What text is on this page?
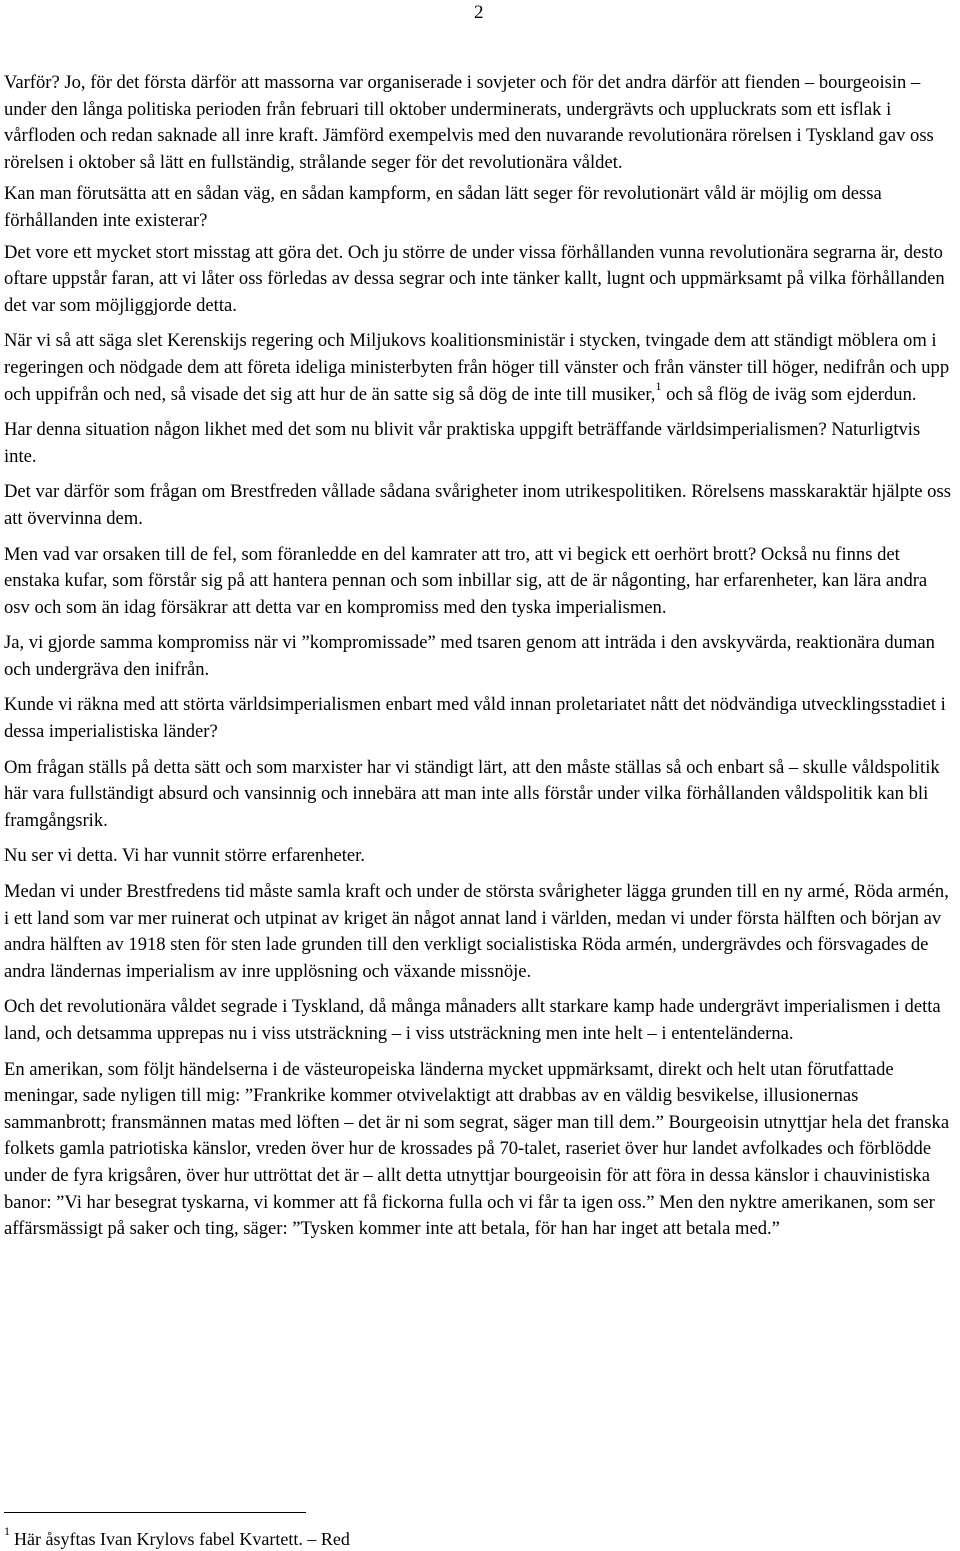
2

Varför? Jo, för det första därför att massorna var organiserade i sovjeter och för det andra därför att fienden – bourgeoisin – under den långa politiska perioden från februari till oktober underminerats, undergrävts och uppluckrats som ett isflak i vårfloden och redan saknade all inre kraft. Jämförd exempelvis med den nuvarande revolutionära rörelsen i Tyskland gav oss rörelsen i oktober så lätt en fullständig, strålande seger för det revolutionära våldet.

Kan man förutsätta att en sådan väg, en sådan kampform, en sådan lätt seger för revolutionärt våld är möjlig om dessa förhållanden inte existerar?

Det vore ett mycket stort misstag att göra det. Och ju större de under vissa förhållanden vunna revolutionära segrarna är, desto oftare uppstår faran, att vi låter oss förledas av dessa segrar och inte tänker kallt, lugnt och uppmärksamt på vilka förhållanden det var som möjliggjorde detta.

När vi så att säga slet Kerenskijs regering och Miljukovs koalitionsministär i stycken, tvingade dem att ständigt möblera om i regeringen och nödgade dem att företa ideliga ministerbyten från höger till vänster och från vänster till höger, nedifrån och upp och uppifrån och ned, så visade det sig att hur de än satte sig så dög de inte till musiker,$^1$ och så flög de iväg som ejderdun.

Har denna situation någon likhet med det som nu blivit vår praktiska uppgift beträffande världsimperialismen? Naturligtvis inte.

Det var därför som frågan om Brestfreden vållade sådana svårigheter inom utrikespolitiken. Rörelsens masskaraktär hjälpte oss att övervinna dem.

Men vad var orsaken till de fel, som föranledde en del kamrater att tro, att vi begick ett oerhört brott? Också nu finns det enstaka kufar, som förstår sig på att hantera pennan och som inbillar sig, att de är någonting, har erfarenheter, kan lära andra osv och som än idag försäkrar att detta var en kompromiss med den tyska imperialismen.

Ja, vi gjorde samma kompromiss när vi ”kompromissade” med tsaren genom att inträda i den avskyvärda, reaktionära duman och undergräva den inifrån.

Kunde vi räkna med att störta världsimperialismen enbart med våld innan proletariatet nått det nödvändiga utvecklingsstadiet i dessa imperialistiska länder?

Om frågan ställs på detta sätt och som marxister har vi ständigt lärt, att den måste ställas så och enbart så – skulle våldspolitik här vara fullständigt absurd och vansinnig och innebära att man inte alls förstår under vilka förhållanden våldspolitik kan bli framgångsrik.

Nu ser vi detta. Vi har vunnit större erfarenheter.

Medan vi under Brestfredens tid måste samla kraft och under de största svårigheter lägga grunden till en ny armé, Röda armén, i ett land som var mer ruinerat och utpinat av kriget än något annat land i världen, medan vi under första hälften och början av andra hälften av 1918 sten för sten lade grunden till den verkligt socialistiska Röda armén, undergrävdes och försvagades de andra ländernas imperialism av inre upplösning och växande missnöje.

Och det revolutionära våldet segrade i Tyskland, då många månaders allt starkare kamp hade undergrävt imperialismen i detta land, och detsamma upprepas nu i viss utsträckning – i viss utsträckning men inte helt – i ententeländerna.

En amerikan, som följt händelserna i de västeuropeiska länderna mycket uppmärksamt, direkt och helt utan förutfattade meningar, sade nyligen till mig: ”Frankrike kommer otvivelaktigt att drabbas av en väldig besvikelse, illusionernas sammanbrott; fransmännen matas med löften – det är ni som segrat, säger man till dem.” Bourgeoisin utnyttjar hela det franska folkets gamla patriotiska känslor, vreden över hur de krossades på 70-talet, raseriet över hur landet avfolkades och förblödde under de fyra krigsåren, över hur uttröttat det är – allt detta utnyttjar bourgeoisin för att föra in dessa känslor i chauvinistiska banor: ”Vi har besegrat tyskarna, vi kommer att få fickorna fulla och vi får ta igen oss.” Men den nyktre amerikanen, som ser affärsmässigt på saker och ting, säger: ”Tysken kommer inte att betala, för han har inget att betala med.”

$^1$ Här åsyftas Ivan Krylovs fabel Kvartett. – Red
